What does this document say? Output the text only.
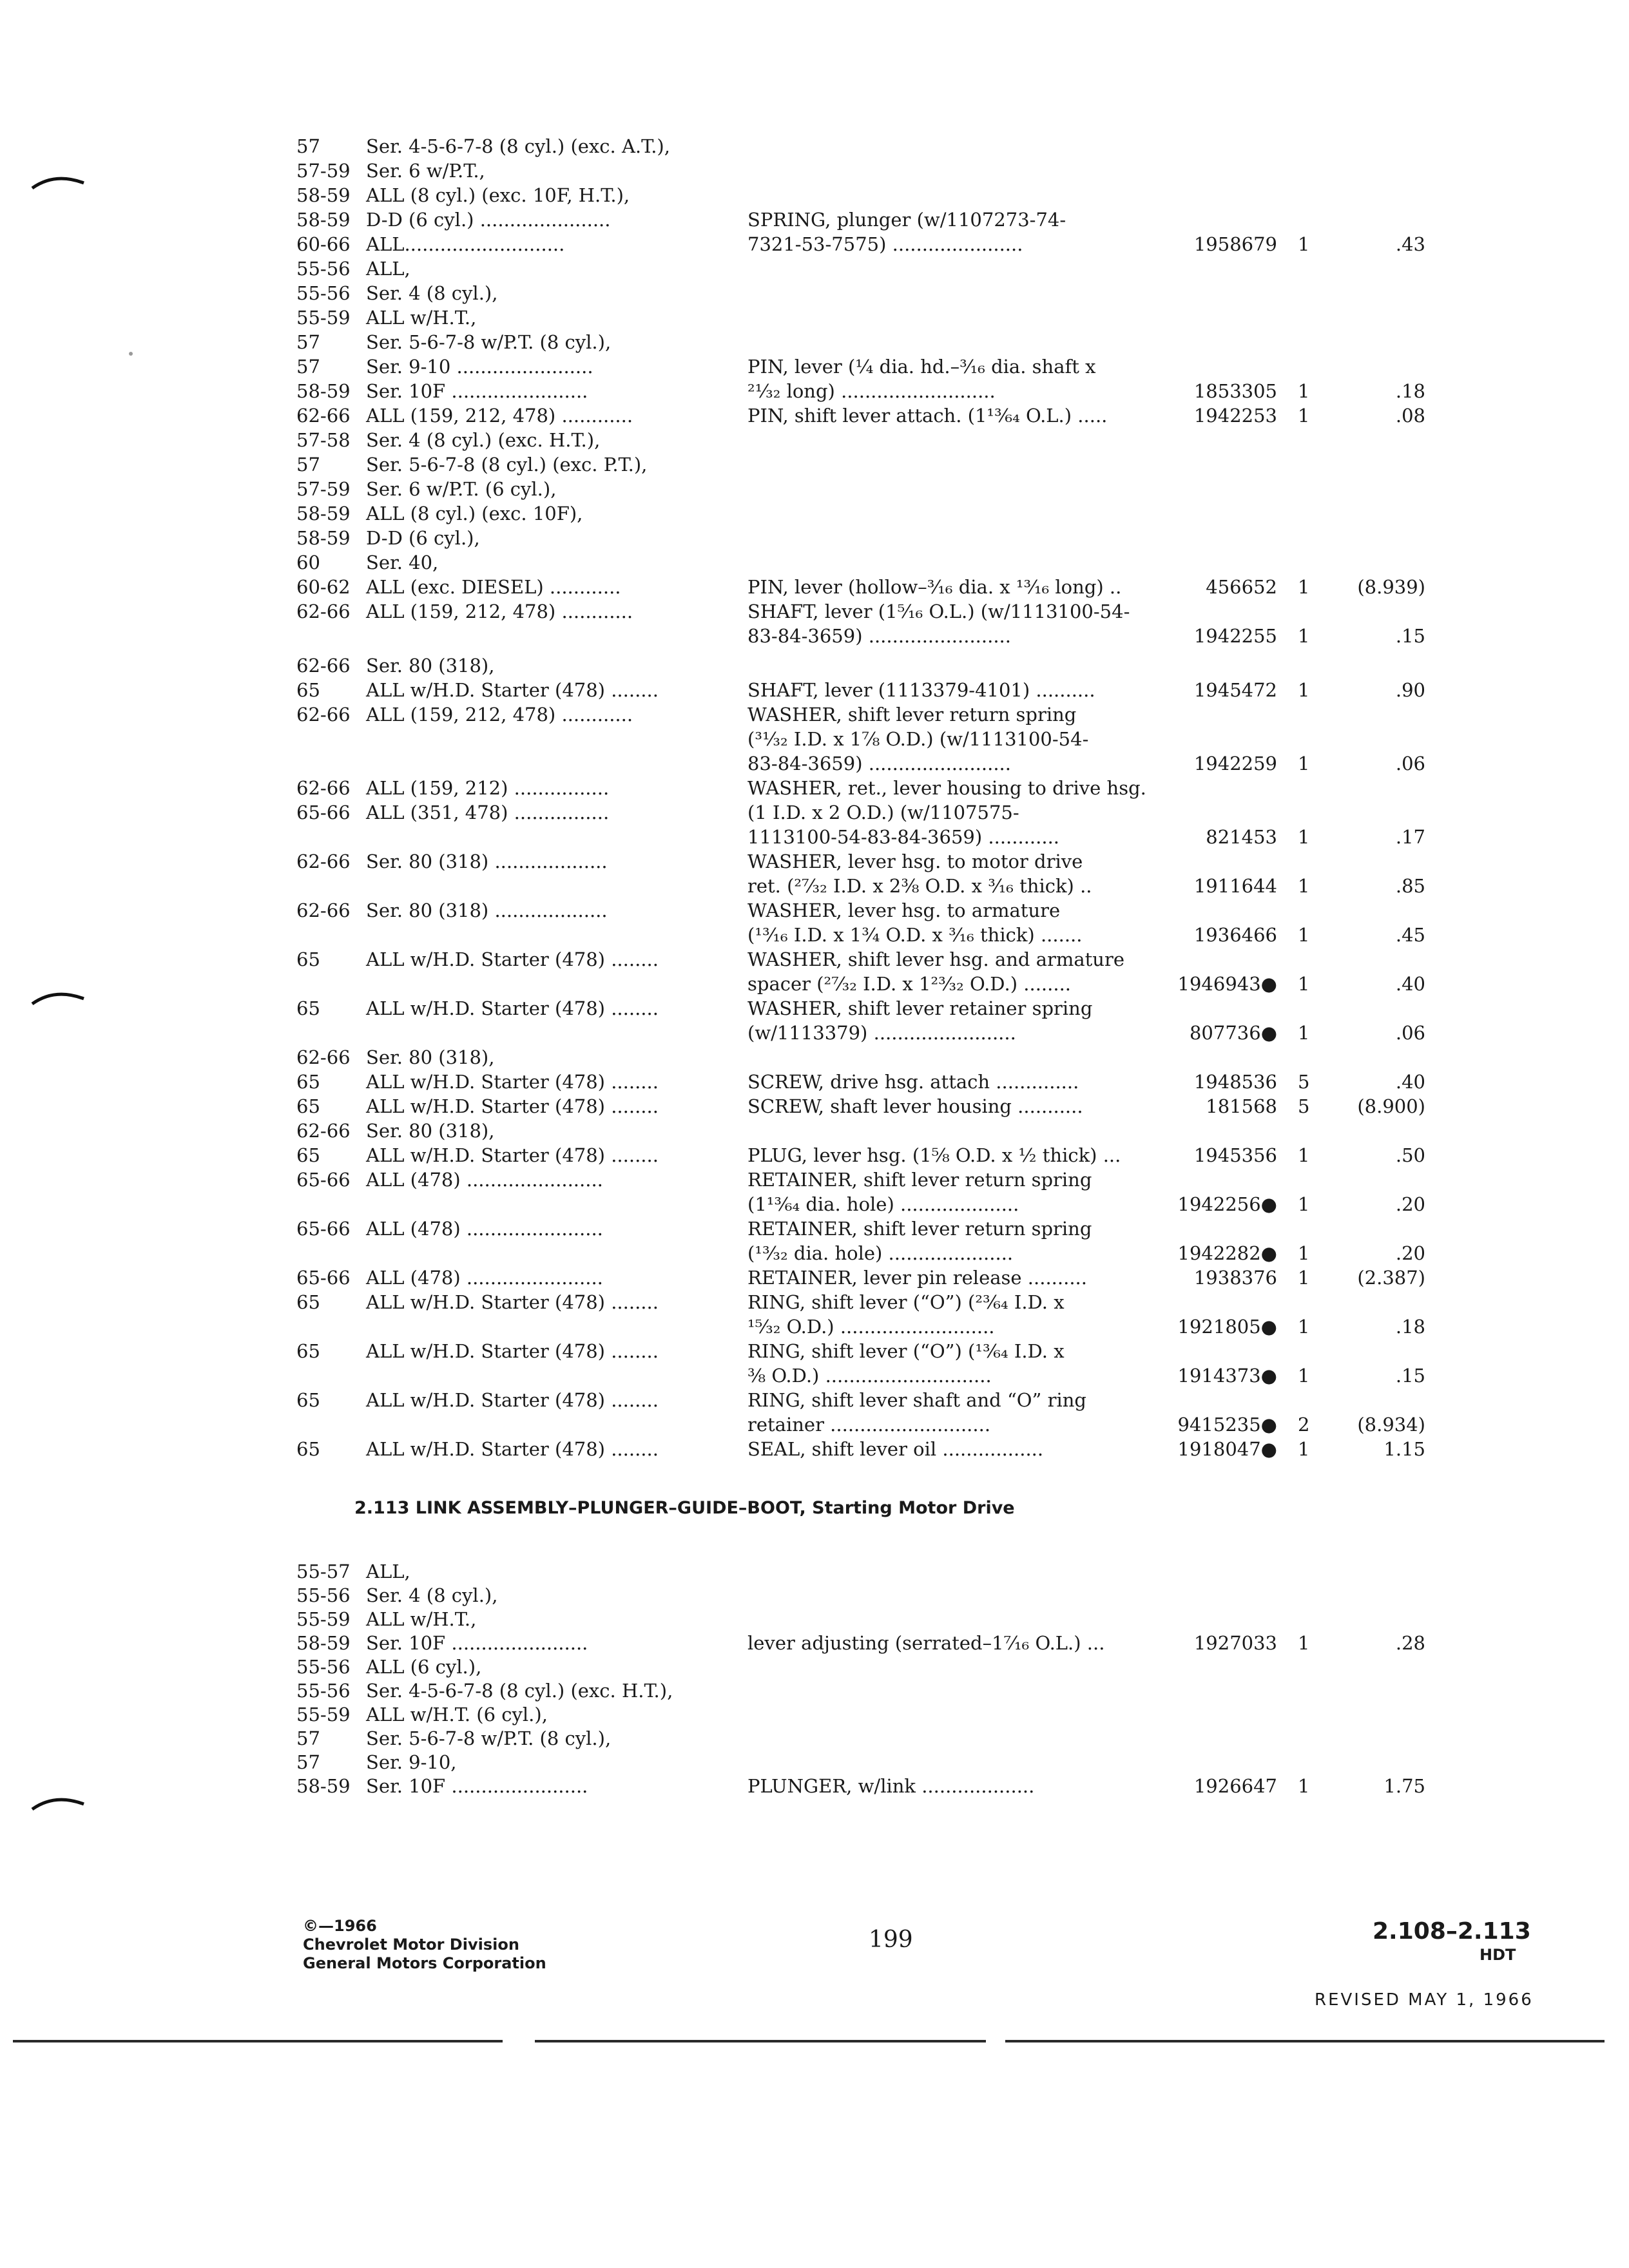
57 Ser. 4-5-6-7-8 (8 cyl.) (exc. A.T.),
57-59 Ser. 6 w/P.T.,
58-59 ALL (8 cyl.) (exc. 10F, H.T.),
58-59 D-D (6 cyl.) ......................	SPRING, plunger (w/1107273-74-
60-66 ALL...........................	7321-53-7575) ......................	1958679 1	.43
55-56 ALL,
55-56 Ser. 4 (8 cyl.),
55-59 ALL w/H.T.,
57 Ser. 5-6-7-8 w/P.T. (8 cyl.),
57 Ser. 9-10 .......................	PIN, lever (¼ dia. hd.–³⁄₁₆ dia. shaft x
58-59 Ser. 10F .......................	²¹⁄₃₂ long) ..........................	1853305 1	.18
62-66 ALL (159, 212, 478) ............	PIN, shift lever attach. (1¹³⁄₆₄ O.L.) .....	1942253 1	.08
57-58 Ser. 4 (8 cyl.) (exc. H.T.),
57 Ser. 5-6-7-8 (8 cyl.) (exc. P.T.),
57-59 Ser. 6 w/P.T. (6 cyl.),
58-59 ALL (8 cyl.) (exc. 10F),
58-59 D-D (6 cyl.),
60 Ser. 40,
60-62 ALL (exc. DIESEL) ............	PIN, lever (hollow–³⁄₁₆ dia. x ¹³⁄₁₆ long) ..	456652 1	(8.939)
62-66 ALL (159, 212, 478) ............	SHAFT, lever (1⁵⁄₁₆ O.L.) (w/1113100-54-
83-84-3659) ........................	1942255 1	.15
62-66 Ser. 80 (318),
65 ALL w/H.D. Starter (478) ........	SHAFT, lever (1113379-4101) ..........	1945472 1	.90
62-66 ALL (159, 212, 478) ............	WASHER, shift lever return spring
(³¹⁄₃₂ I.D. x 1⅞ O.D.) (w/1113100-54-
83-84-3659) ........................	1942259 1	.06
62-66 ALL (159, 212) ................	WASHER, ret., lever housing to drive hsg.
65-66 ALL (351, 478) ................	(1 I.D. x 2 O.D.) (w/1107575-
1113100-54-83-84-3659) ............	821453 1	.17
62-66 Ser. 80 (318) ...................	WASHER, lever hsg. to motor drive
ret. (²⁷⁄₃₂ I.D. x 2⅜ O.D. x ³⁄₁₆ thick) ..	1911644 1	.85
62-66 Ser. 80 (318) ...................	WASHER, lever hsg. to armature
(¹³⁄₁₆ I.D. x 1¾ O.D. x ³⁄₁₆ thick) .......	1936466 1	.45
65 ALL w/H.D. Starter (478) ........	WASHER, shift lever hsg. and armature
spacer (²⁷⁄₃₂ I.D. x 1²³⁄₃₂ O.D.) ........	1946943● 1	.40
65 ALL w/H.D. Starter (478) ........	WASHER, shift lever retainer spring
(w/1113379) ........................	807736● 1	.06
62-66 Ser. 80 (318),
65 ALL w/H.D. Starter (478) ........	SCREW, drive hsg. attach ..............	1948536 5	.40
65 ALL w/H.D. Starter (478) ........	SCREW, shaft lever housing ...........	181568 5	(8.900)
62-66 Ser. 80 (318),
65 ALL w/H.D. Starter (478) ........	PLUG, lever hsg. (1⅝ O.D. x ½ thick) ...	1945356 1	.50
65-66 ALL (478) .......................	RETAINER, shift lever return spring
(1¹³⁄₆₄ dia. hole) ....................	1942256● 1	.20
65-66 ALL (478) .......................	RETAINER, shift lever return spring
(¹³⁄₃₂ dia. hole) .....................	1942282● 1	.20
65-66 ALL (478) .......................	RETAINER, lever pin release ..........	1938376 1	(2.387)
65 ALL w/H.D. Starter (478) ........	RING, shift lever (“O”) (²³⁄₆₄ I.D. x
¹⁵⁄₃₂ O.D.) ..........................	1921805● 1	.18
65 ALL w/H.D. Starter (478) ........	RING, shift lever (“O”) (¹³⁄₆₄ I.D. x
⅜ O.D.) ............................	1914373● 1	.15
65 ALL w/H.D. Starter (478) ........	RING, shift lever shaft and “O” ring
retainer ...........................	9415235● 2	(8.934)
65 ALL w/H.D. Starter (478) ........	SEAL, shift lever oil .................	1918047● 1	1.15
2.113 LINK ASSEMBLY–PLUNGER–GUIDE–BOOT, Starting Motor Drive
55-57 ALL,
55-56 Ser. 4 (8 cyl.),
55-59 ALL w/H.T.,
58-59 Ser. 10F .......................	lever adjusting (serrated–1⁷⁄₁₆ O.L.) ...	1927033 1	.28
55-56 ALL (6 cyl.),
55-56 Ser. 4-5-6-7-8 (8 cyl.) (exc. H.T.),
55-59 ALL w/H.T. (6 cyl.),
57 Ser. 5-6-7-8 w/P.T. (8 cyl.),
57 Ser. 9-10,
58-59 Ser. 10F .......................	PLUNGER, w/link ...................	1926647 1	1.75
©—1966
Chevrolet Motor Division
General Motors Corporation
199	2.108–2.113
HDT
REVISED MAY 1, 1966
